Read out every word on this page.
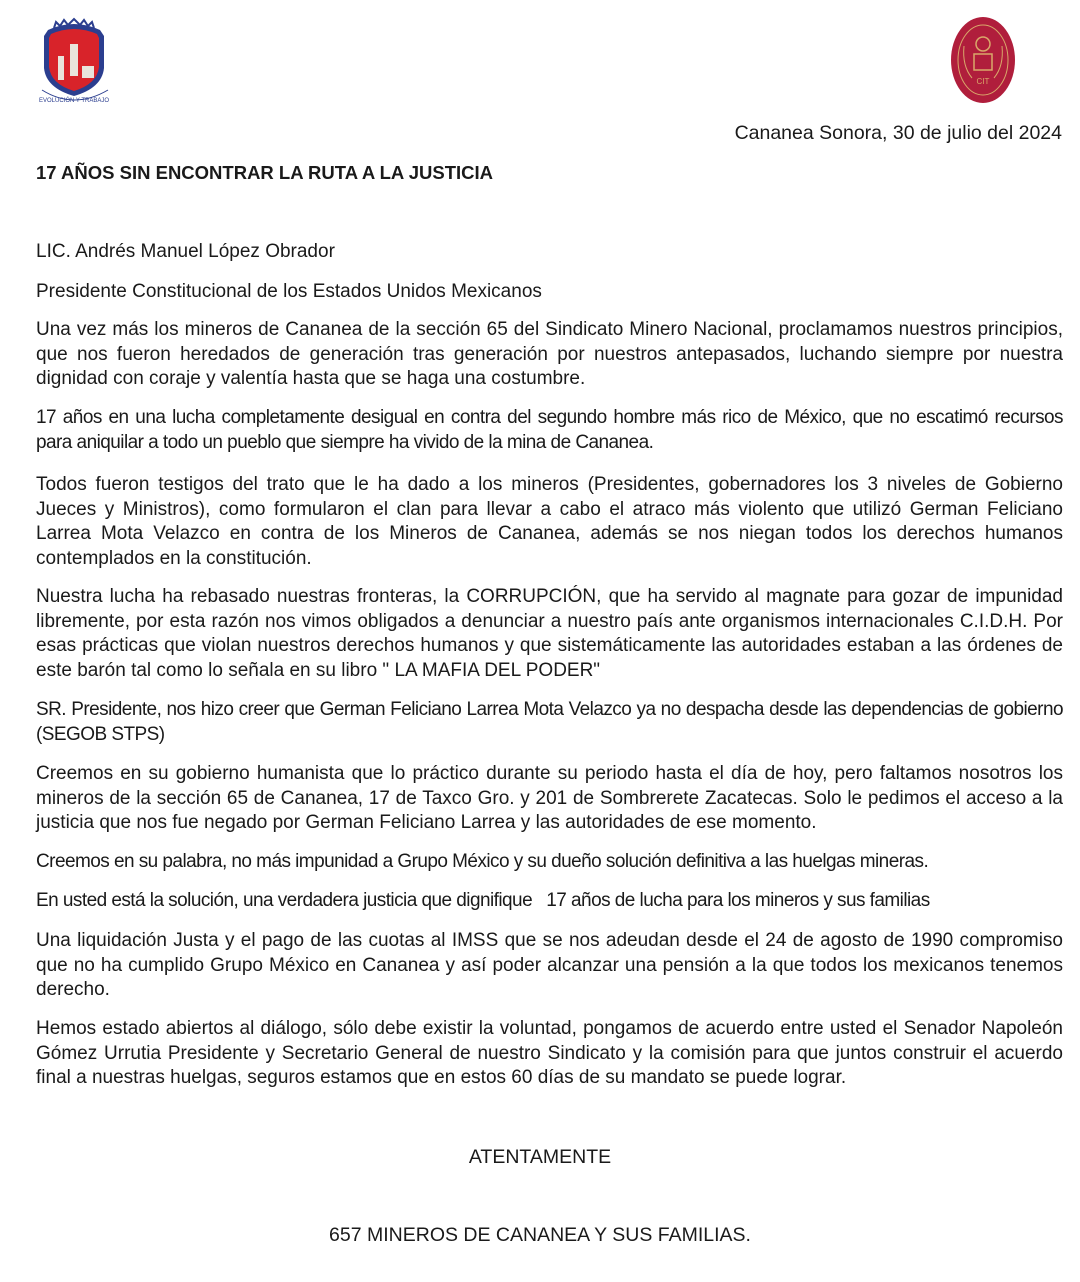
EVOLUCIÓN Y TRABAJO
CIT
Cananea Sonora, 30 de julio del 2024
17 AÑOS SIN ENCONTRAR LA RUTA A LA JUSTICIA
LIC. Andrés Manuel López Obrador
Presidente Constitucional de los Estados Unidos Mexicanos

Una vez más los mineros de Cananea de la sección 65 del Sindicato Minero Nacional, proclamamos nuestros principios, que nos fueron heredados de generación tras generación por nuestros antepasados, luchando siempre por nuestra dignidad con coraje y valentía hasta que se haga una costumbre.

17 años en una lucha completamente desigual en contra del segundo hombre más rico de México, que no escatimó recursos para aniquilar a todo un pueblo que siempre ha vivido de la mina de Cananea.

Todos fueron testigos del trato que le ha dado a los mineros (Presidentes, gobernadores los 3 niveles de Gobierno Jueces y Ministros), como formularon el clan para llevar a cabo el atraco más violento que utilizó German Feliciano Larrea Mota Velazco en contra de los Mineros de Cananea, además se nos niegan todos los derechos humanos contemplados en la constitución.

Nuestra lucha ha rebasado nuestras fronteras, la CORRUPCIÓN, que ha servido al magnate para gozar de impunidad libremente, por esta razón nos vimos obligados a denunciar a nuestro país ante organismos internacionales C.I.D.H. Por esas prácticas que violan nuestros derechos humanos y que sistemáticamente las autoridades estaban a las órdenes de este barón tal como lo señala en su libro " LA MAFIA DEL PODER"

SR. Presidente, nos hizo creer que German Feliciano Larrea Mota Velazco ya no despacha desde las dependencias de gobierno (SEGOB STPS)

Creemos en su gobierno humanista que lo práctico durante su periodo hasta el día de hoy, pero faltamos nosotros los mineros de la sección 65 de Cananea, 17 de Taxco Gro. y 201 de Sombrerete Zacatecas. Solo le pedimos el acceso a la justicia que nos fue negado por German Feliciano Larrea y las autoridades de ese momento.

Creemos en su palabra, no más impunidad a Grupo México y su dueño solución definitiva a las huelgas mineras.

En usted está la solución, una verdadera justicia que dignifique   17 años de lucha para los mineros y sus familias

Una liquidación Justa y el pago de las cuotas al IMSS que se nos adeudan desde el 24 de agosto de 1990 compromiso que no ha cumplido Grupo México en Cananea y así poder alcanzar una pensión a la que todos los mexicanos tenemos derecho.

Hemos estado abiertos al diálogo, sólo debe existir la voluntad, pongamos de acuerdo entre usted el Senador Napoleón Gómez Urrutia Presidente y Secretario General de nuestro Sindicato y la comisión para que juntos construir el acuerdo final a nuestras huelgas, seguros estamos que en estos 60 días de su mandato se puede lograr.

ATENTAMENTE
657 MINEROS DE CANANEA Y SUS FAMILIAS.
